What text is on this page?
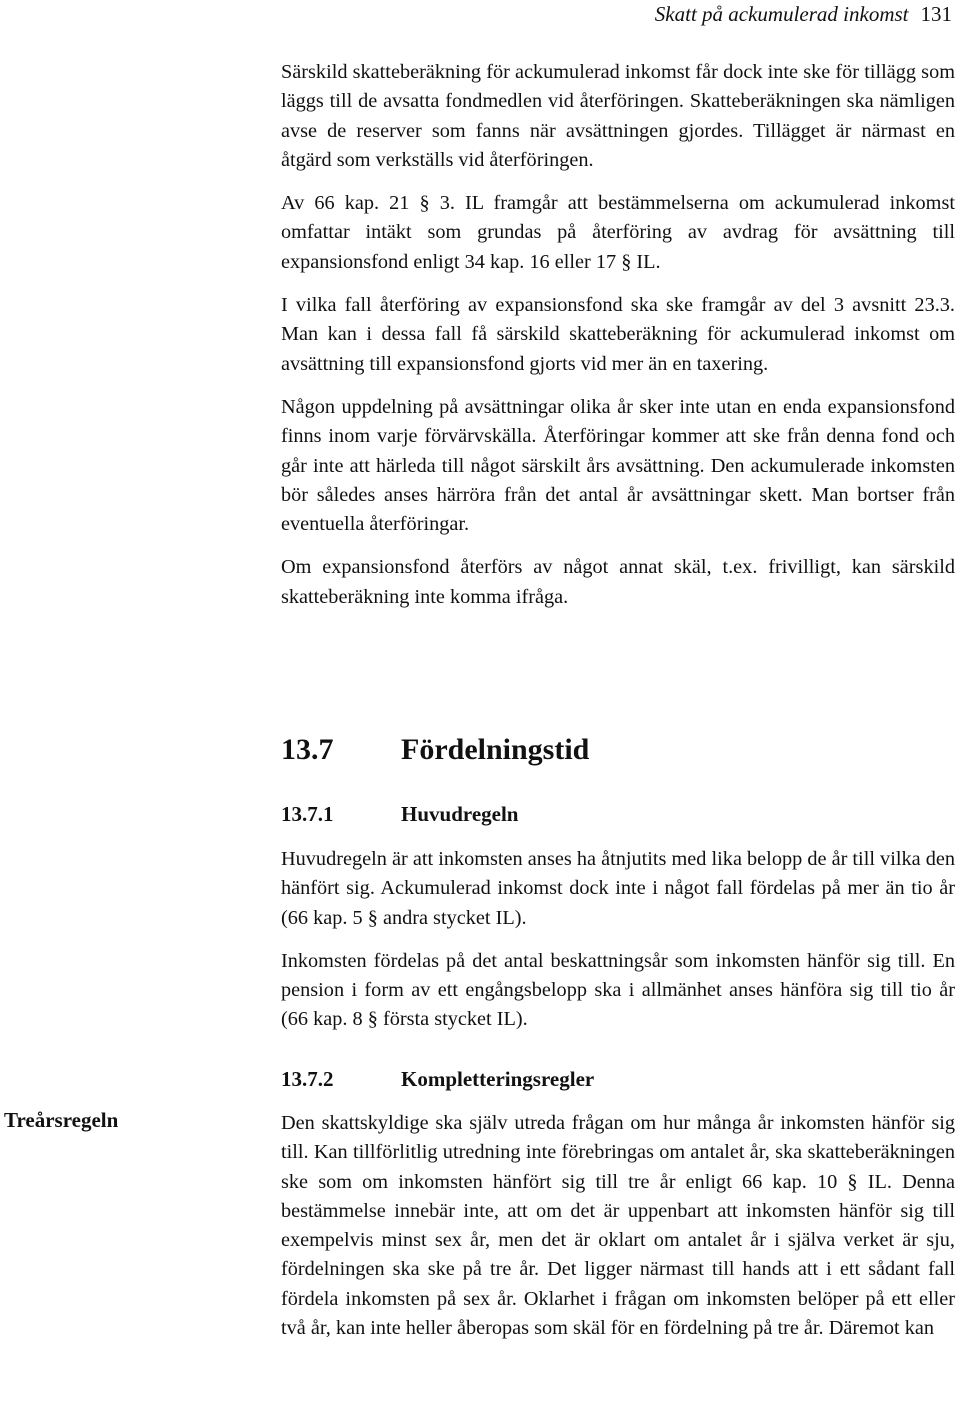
Skatt på ackumulerad inkomst 131

Särskild skatteberäkning för ackumulerad inkomst får dock inte ske för tillägg som läggs till de avsatta fondmedlen vid återföringen. Skatteberäkningen ska nämligen avse de reserver som fanns när avsättningen gjordes. Tillägget är närmast en åtgärd som verkställs vid återföringen.

Av 66 kap. 21 § 3. IL framgår att bestämmelserna om ackumulerad inkomst omfattar intäkt som grundas på återföring av avdrag för avsättning till expansionsfond enligt 34 kap. 16 eller 17 § IL.

I vilka fall återföring av expansionsfond ska ske framgår av del 3 avsnitt 23.3. Man kan i dessa fall få särskild skatteberäkning för ackumulerad inkomst om avsättning till expansionsfond gjorts vid mer än en taxering.

Någon uppdelning på avsättningar olika år sker inte utan en enda expansionsfond finns inom varje förvärvskälla. Återföringar kommer att ske från denna fond och går inte att härleda till något särskilt års avsättning. Den ackumulerade inkomsten bör således anses härröra från det antal år avsättningar skett. Man bortser från eventuella återföringar.

Om expansionsfond återförs av något annat skäl, t.ex. frivilligt, kan särskild skatteberäkning inte komma ifråga.

13.7 Fördelningstid
13.7.1	Huvudregeln

Huvudregeln är att inkomsten anses ha åtnjutits med lika belopp de år till vilka den hänfört sig. Ackumulerad inkomst dock inte i något fall fördelas på mer än tio år (66 kap. 5 § andra stycket IL).

Inkomsten fördelas på det antal beskattningsår som inkomsten hänför sig till. En pension i form av ett engångsbelopp ska i allmänhet anses hänföra sig till tio år (66 kap. 8 § första stycket IL).

13.7.2	Kompletteringsregler
Treårsregeln	Den skattskyldige ska själv utreda frågan om hur många år inkomsten hänför sig till. Kan tillförlitlig utredning inte förebringas om antalet år, ska skatteberäkningen ske som om inkomsten hänfört sig till tre år enligt 66 kap. 10 § IL. Denna bestämmelse innebär inte, att om det är uppenbart att inkomsten hänför sig till exempelvis minst sex år, men det är oklart om antalet år i själva verket är sju, fördelningen ska ske på tre år. Det ligger närmast till hands att i ett sådant fall fördela inkomsten på sex år. Oklarhet i frågan om inkomsten belöper på ett eller två år, kan inte heller åberopas som skäl för en fördelning på tre år. Däremot kan
